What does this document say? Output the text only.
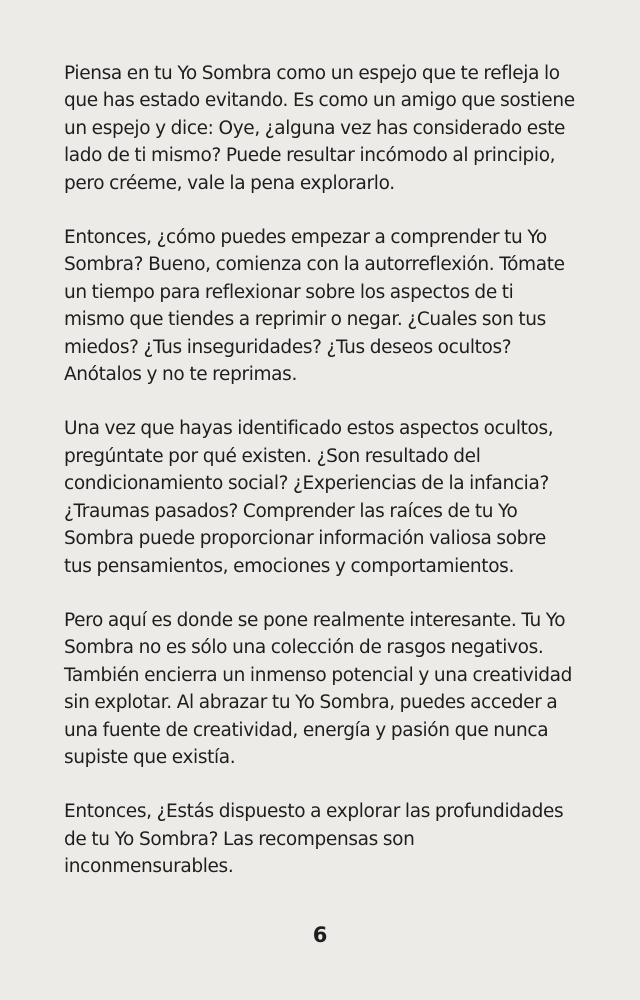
Piensa en tu Yo Sombra como un espejo que te refleja lo que has estado evitando. Es como un amigo que sostiene un espejo y dice: Oye, ¿alguna vez has considerado este lado de ti mismo? Puede resultar incómodo al principio, pero créeme, vale la pena explorarlo.

Entonces, ¿cómo puedes empezar a comprender tu Yo Sombra? Bueno, comienza con la autorreflexión. Tómate un tiempo para reflexionar sobre los aspectos de ti mismo que tiendes a reprimir o negar. ¿Cuales son tus miedos? ¿Tus inseguridades? ¿Tus deseos ocultos? Anótalos y no te reprimas.

Una vez que hayas identificado estos aspectos ocultos, pregúntate por qué existen. ¿Son resultado del condicionamiento social? ¿Experiencias de la infancia? ¿Traumas pasados? Comprender las raíces de tu Yo Sombra puede proporcionar información valiosa sobre tus pensamientos, emociones y comportamientos.

Pero aquí es donde se pone realmente interesante. Tu Yo Sombra no es sólo una colección de rasgos negativos. También encierra un inmenso potencial y una creatividad sin explotar. Al abrazar tu Yo Sombra, puedes acceder a una fuente de creatividad, energía y pasión que nunca supiste que existía.

Entonces, ¿Estás dispuesto a explorar las profundidades de tu Yo Sombra? Las recompensas son inconmensurables.

6
